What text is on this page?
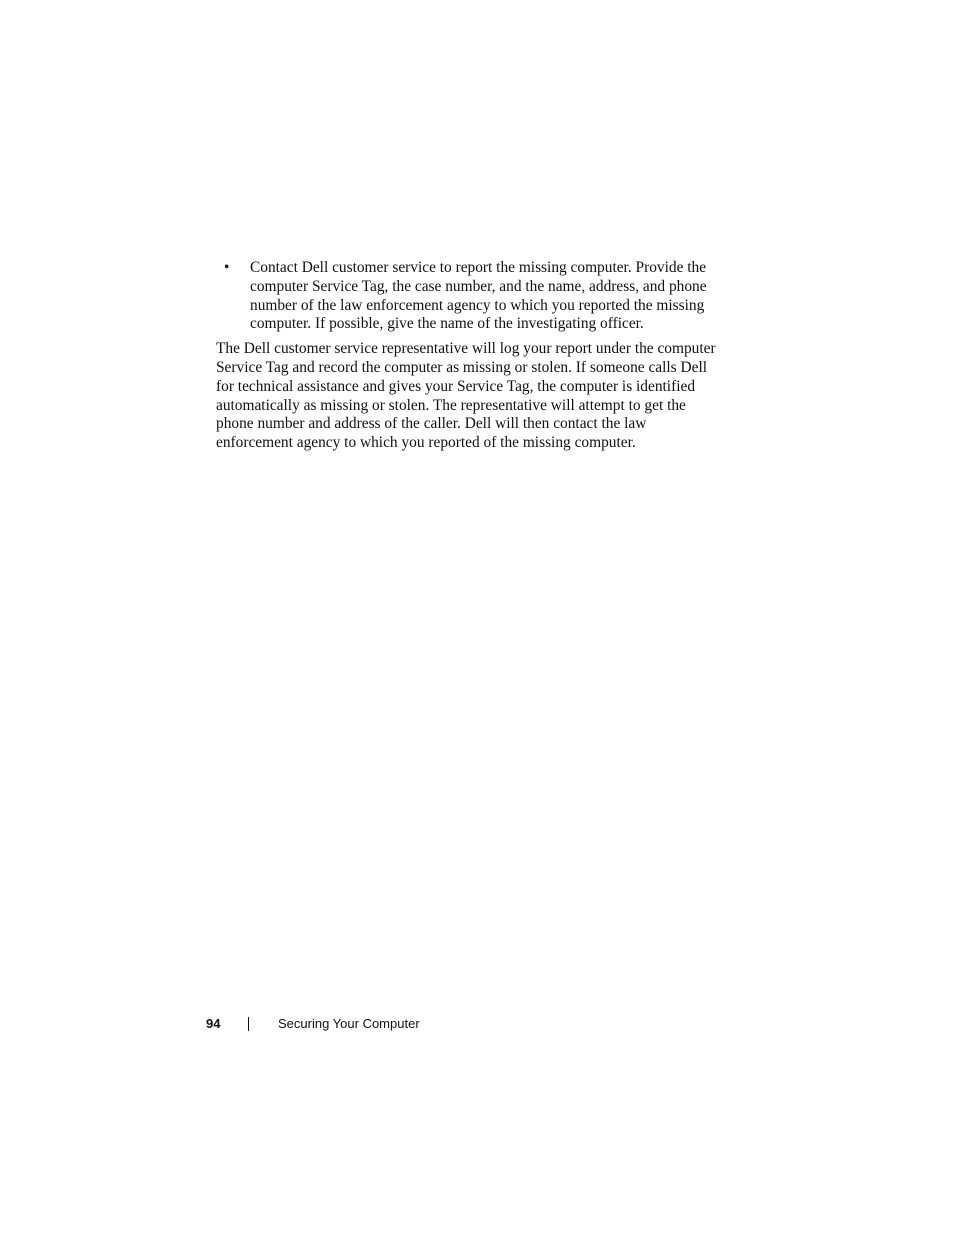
• Contact Dell customer service to report the missing computer. Provide the computer Service Tag, the case number, and the name, address, and phone number of the law enforcement agency to which you reported the missing computer. If possible, give the name of the investigating officer.

The Dell customer service representative will log your report under the computer Service Tag and record the computer as missing or stolen. If someone calls Dell for technical assistance and gives your Service Tag, the computer is identified automatically as missing or stolen. The representative will attempt to get the phone number and address of the caller. Dell will then contact the law enforcement agency to which you reported of the missing computer.

94	Securing Your Computer
